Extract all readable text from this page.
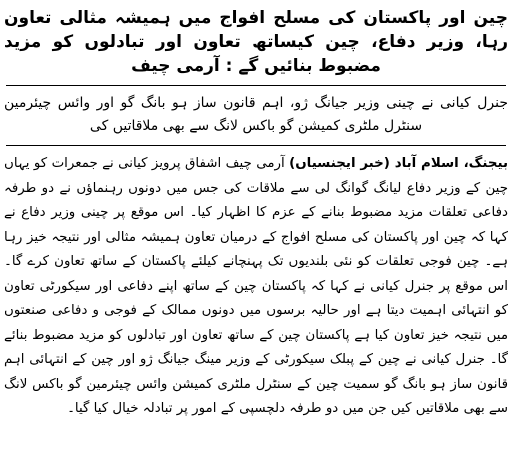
چین اور پاکستان کی مسلح افواج میں ہمیشہ مثالی تعاون رہا، وزیر دفاع، چین کیساتھ تعاون اور تبادلوں کو مزید مضبوط بنائیں گے : آرمی چیف

جنرل کیانی نے چینی وزیر جیانگ ژو، اہم قانون ساز ہو بانگ گو اور وائس چیئرمین سنٹرل ملٹری کمیشن گو باکس لانگ سے بھی ملاقاتیں کی

بیجنگ، اسلام آباد (خبر ایجنسیاں) آرمی چیف اشفاق پرویز کیانی نے جمعرات کو یہاں چین کے وزیر دفاع لیانگ گوانگ لی سے ملاقات کی جس میں دونوں رہنماؤں نے دو طرفہ دفاعی تعلقات مزید مضبوط بنانے کے عزم کا اظہار کیا۔ اس موقع پر چینی وزیر دفاع نے کہا کہ چین اور پاکستان کی مسلح افواج کے درمیان تعاون ہمیشہ مثالی اور نتیجہ خیز رہا ہے۔ چین فوجی تعلقات کو نئی بلندیوں تک پہنچانے کیلئے پاکستان کے ساتھ تعاون کرے گا۔ اس موقع پر جنرل کیانی نے کہا کہ پاکستان چین کے ساتھ اپنے دفاعی اور سیکورٹی تعاون کو انتہائی اہمیت دیتا ہے اور حالیہ برسوں میں دونوں ممالک کے فوجی و دفاعی صنعتوں میں نتیجہ خیز تعاون کیا ہے پاکستان چین کے ساتھ تعاون اور تبادلوں کو مزید مضبوط بنائے گا۔ جنرل کیانی نے چین کے پبلک سیکورٹی کے وزیر مینگ جیانگ ژو اور چین کے انتہائی اہم قانون ساز ہو بانگ گو سمیت چین کے سنٹرل ملٹری کمیشن وائس چیئرمین گو باکس لانگ سے بھی ملاقاتیں کیں جن میں دو طرفہ دلچسپی کے امور پر تبادلہ خیال کیا گیا۔
